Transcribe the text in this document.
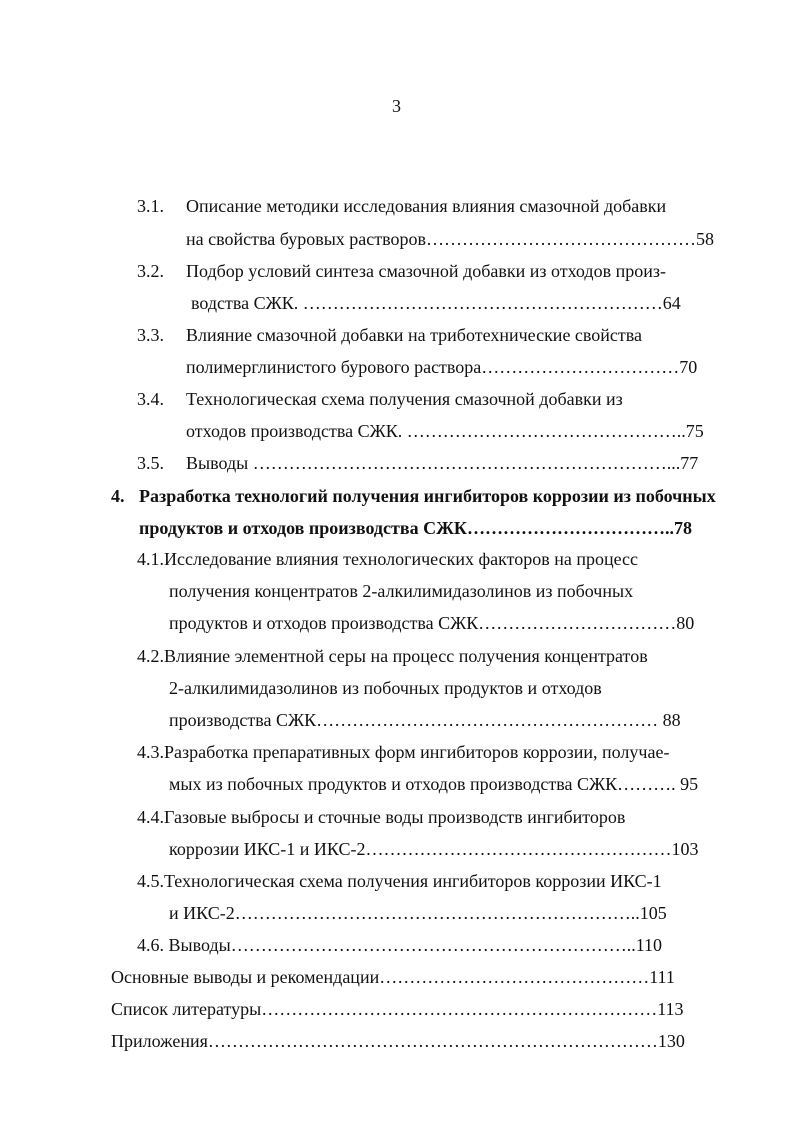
3
3.1. Описание методики исследования влияния смазочной добавки
на свойства буровых растворов………………………………………58
3.2. Подбор условий синтеза смазочной добавки из отходов произ-
водства СЖК. ……………………………………………………64
3.3. Влияние смазочной добавки на триботехнические свойства
полимерглинистого бурового раствора……………………………70
3.4. Технологическая схема получения смазочной добавки из
отходов производства СЖК. ………………………………………..75
3.5. Выводы ……………………………………………………………...77
4. Разработка технологий получения ингибиторов коррозии из побочных
продуктов и отходов производства СЖК……………………………..78
4.1.Исследование влияния технологических факторов на процесс
получения концентратов 2-алкилимидазолинов из побочных
продуктов и отходов производства СЖК……………………………80
4.2.Влияние элементной серы на процесс получения концентратов
2-алкилимидазолинов из побочных продуктов и отходов
производства СЖК………………………………………………… 88
4.3.Разработка препаративных форм ингибиторов коррозии, получае-
мых из побочных продуктов и отходов производства СЖК………. 95
4.4.Газовые выбросы и сточные воды производств ингибиторов
коррозии ИКС-1 и ИКС-2……………………………………………103
4.5.Технологическая схема получения ингибиторов коррозии ИКС-1
и ИКС-2…………………………………………………………..105
4.6. Выводы…………………………………………………………..110
Основные выводы и рекомендации………………………………………111
Список литературы…………………………………………………………113
Приложения…………………………………………………………………130
